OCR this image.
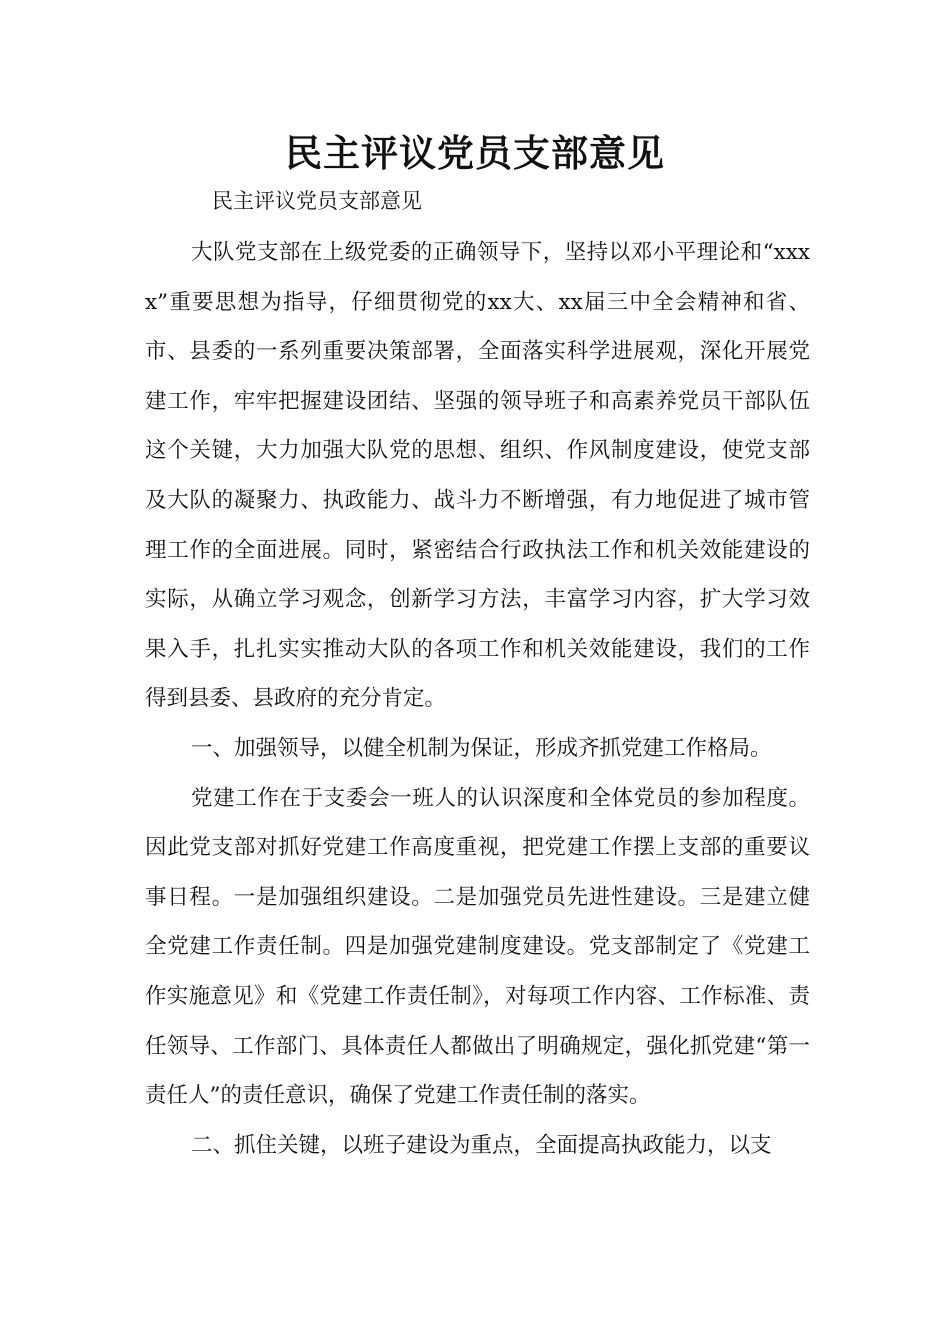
民主评议党员支部意见

民主评议党员支部意见

大队党支部在上级党委的正确领导下，坚持以邓小平理论和“xxxx”重要思想为指导，仔细贯彻党的xx大、xx届三中全会精神和省、市、县委的一系列重要决策部署，全面落实科学进展观，深化开展党建工作，牢牢把握建设团结、坚强的领导班子和高素养党员干部队伍这个关键，大力加强大队党的思想、组织、作风制度建设，使党支部及大队的凝聚力、执政能力、战斗力不断增强，有力地促进了城市管理工作的全面进展。同时，紧密结合行政执法工作和机关效能建设的实际，从确立学习观念，创新学习方法，丰富学习内容，扩大学习效果入手，扎扎实实推动大队的各项工作和机关效能建设，我们的工作得到县委、县政府的充分肯定。

一、加强领导，以健全机制为保证，形成齐抓党建工作格局。

党建工作在于支委会一班人的认识深度和全体党员的参加程度。因此党支部对抓好党建工作高度重视，把党建工作摆上支部的重要议事日程。一是加强组织建设。二是加强党员先进性建设。三是建立健全党建工作责任制。四是加强党建制度建设。党支部制定了《党建工作实施意见》和《党建工作责任制》，对每项工作内容、工作标准、责任领导、工作部门、具体责任人都做出了明确规定，强化抓党建“第一责任人”的责任意识，确保了党建工作责任制的落实。

二、抓住关键，以班子建设为重点，全面提高执政能力，以支
